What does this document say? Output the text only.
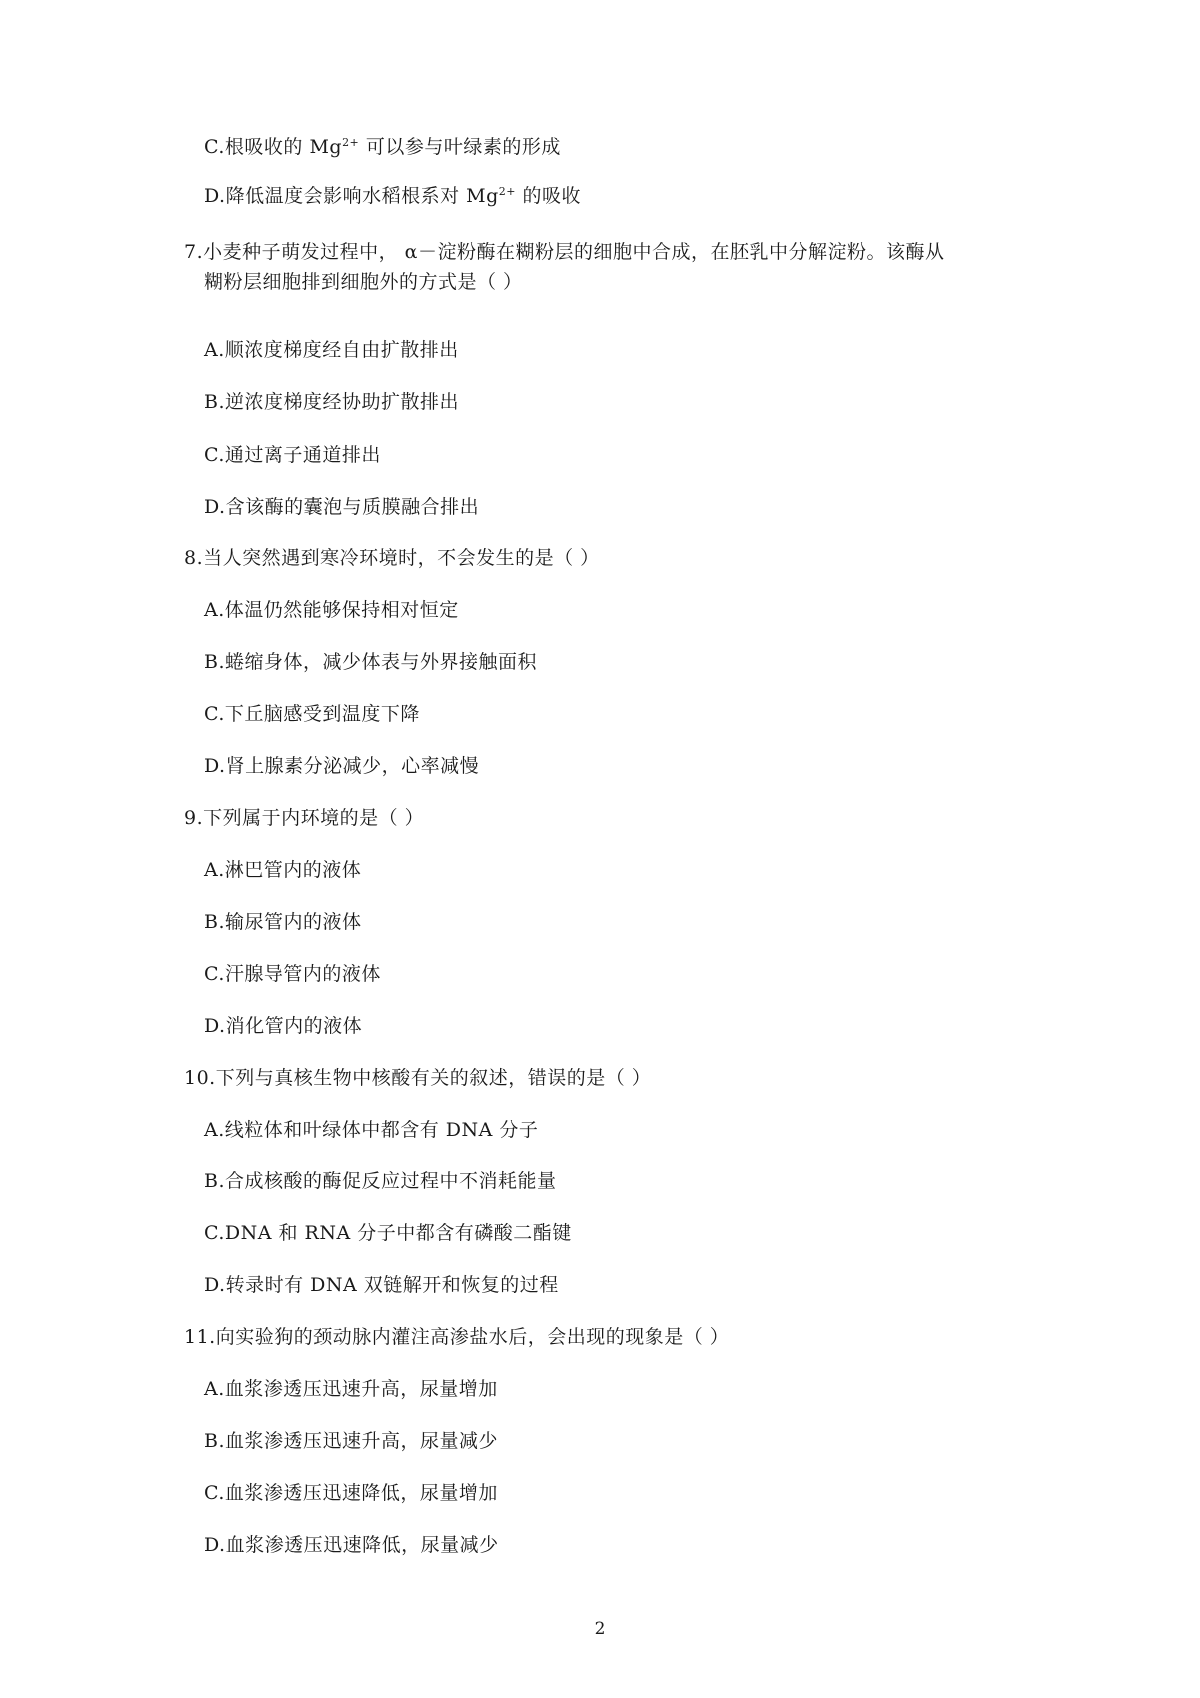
C.根吸收的 $Mg^{2+}$ 可以参与叶绿素的形成
D.降低温度会影响水稻根系对 $Mg^{2+}$ 的吸收
7.小麦种子萌发过程中， α－淀粉酶在糊粉层的细胞中合成，在胚乳中分解淀粉。该酶从
糊粉层细胞排到细胞外的方式是（ ）
A.顺浓度梯度经自由扩散排出
B.逆浓度梯度经协助扩散排出
C.通过离子通道排出
D.含该酶的囊泡与质膜融合排出
8.当人突然遇到寒冷环境时，不会发生的是（ ）
A.体温仍然能够保持相对恒定
B.蜷缩身体，减少体表与外界接触面积
C.下丘脑感受到温度下降
D.肾上腺素分泌减少，心率减慢
9.下列属于内环境的是（ ）
A.淋巴管内的液体
B.输尿管内的液体
C.汗腺导管内的液体
D.消化管内的液体
10.下列与真核生物中核酸有关的叙述，错误的是（ ）
A.线粒体和叶绿体中都含有 DNA 分子
B.合成核酸的酶促反应过程中不消耗能量
C.DNA 和 RNA 分子中都含有磷酸二酯键
D.转录时有 DNA 双链解开和恢复的过程
11.向实验狗的颈动脉内灌注高渗盐水后，会出现的现象是（ ）
A.血浆渗透压迅速升高，尿量增加
B.血浆渗透压迅速升高，尿量减少
C.血浆渗透压迅速降低，尿量增加
D.血浆渗透压迅速降低，尿量减少
2
